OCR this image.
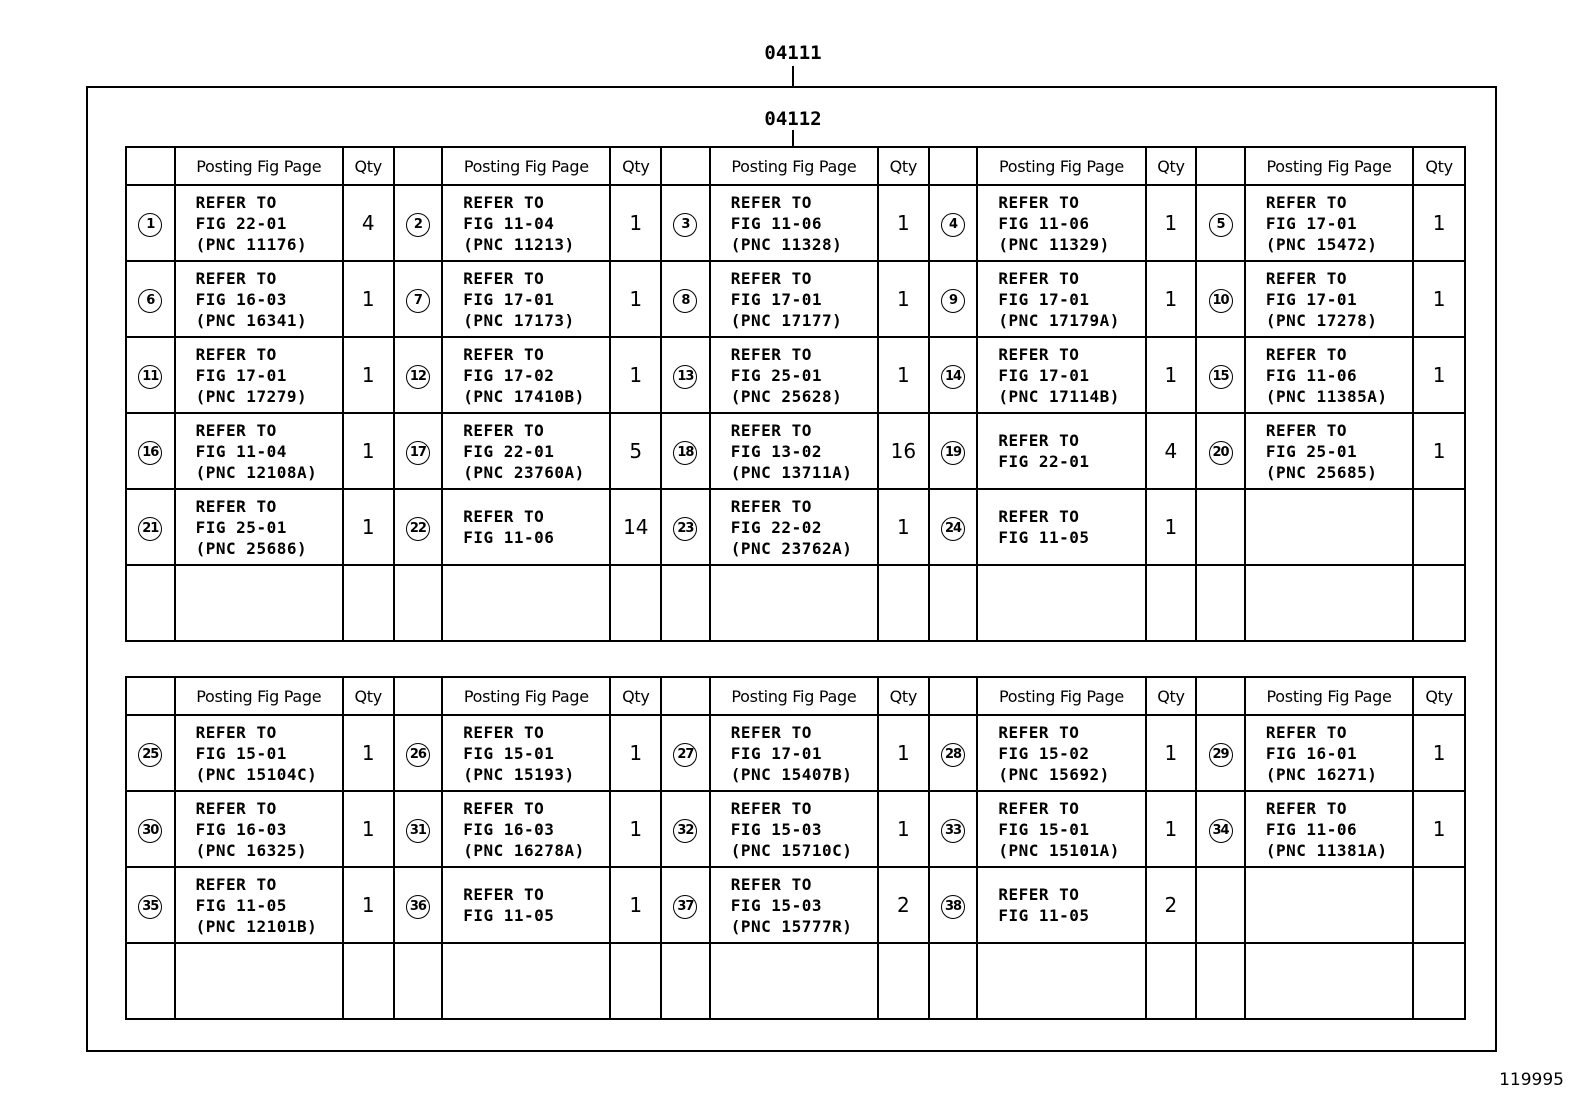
04111
04112
	Posting Fig Page	Qty		Posting Fig Page	Qty		Posting Fig Page	Qty		Posting Fig Page	Qty		Posting Fig Page	Qty
1	REFER TO
FIG 22-01
(PNC 11176)	4	2	REFER TO
FIG 11-04
(PNC 11213)	1	3	REFER TO
FIG 11-06
(PNC 11328)	1	4	REFER TO
FIG 11-06
(PNC 11329)	1	5	REFER TO
FIG 17-01
(PNC 15472)	1
6	REFER TO
FIG 16-03
(PNC 16341)	1	7	REFER TO
FIG 17-01
(PNC 17173)	1	8	REFER TO
FIG 17-01
(PNC 17177)	1	9	REFER TO
FIG 17-01
(PNC 17179A)	1	10	REFER TO
FIG 17-01
(PNC 17278)	1
11	REFER TO
FIG 17-01
(PNC 17279)	1	12	REFER TO
FIG 17-02
(PNC 17410B)	1	13	REFER TO
FIG 25-01
(PNC 25628)	1	14	REFER TO
FIG 17-01
(PNC 17114B)	1	15	REFER TO
FIG 11-06
(PNC 11385A)	1
16	REFER TO
FIG 11-04
(PNC 12108A)	1	17	REFER TO
FIG 22-01
(PNC 23760A)	5	18	REFER TO
FIG 13-02
(PNC 13711A)	16	19	REFER TO
FIG 22-01	4	20	REFER TO
FIG 25-01
(PNC 25685)	1
21	REFER TO
FIG 25-01
(PNC 25686)	1	22	REFER TO
FIG 11-06	14	23	REFER TO
FIG 22-02
(PNC 23762A)	1	24	REFER TO
FIG 11-05	1			

	Posting Fig Page	Qty		Posting Fig Page	Qty		Posting Fig Page	Qty		Posting Fig Page	Qty		Posting Fig Page	Qty
25	REFER TO
FIG 15-01
(PNC 15104C)	1	26	REFER TO
FIG 15-01
(PNC 15193)	1	27	REFER TO
FIG 17-01
(PNC 15407B)	1	28	REFER TO
FIG 15-02
(PNC 15692)	1	29	REFER TO
FIG 16-01
(PNC 16271)	1
30	REFER TO
FIG 16-03
(PNC 16325)	1	31	REFER TO
FIG 16-03
(PNC 16278A)	1	32	REFER TO
FIG 15-03
(PNC 15710C)	1	33	REFER TO
FIG 15-01
(PNC 15101A)	1	34	REFER TO
FIG 11-06
(PNC 11381A)	1
35	REFER TO
FIG 11-05
(PNC 12101B)	1	36	REFER TO
FIG 11-05	1	37	REFER TO
FIG 15-03
(PNC 15777R)	2	38	REFER TO
FIG 11-05	2			

119995
